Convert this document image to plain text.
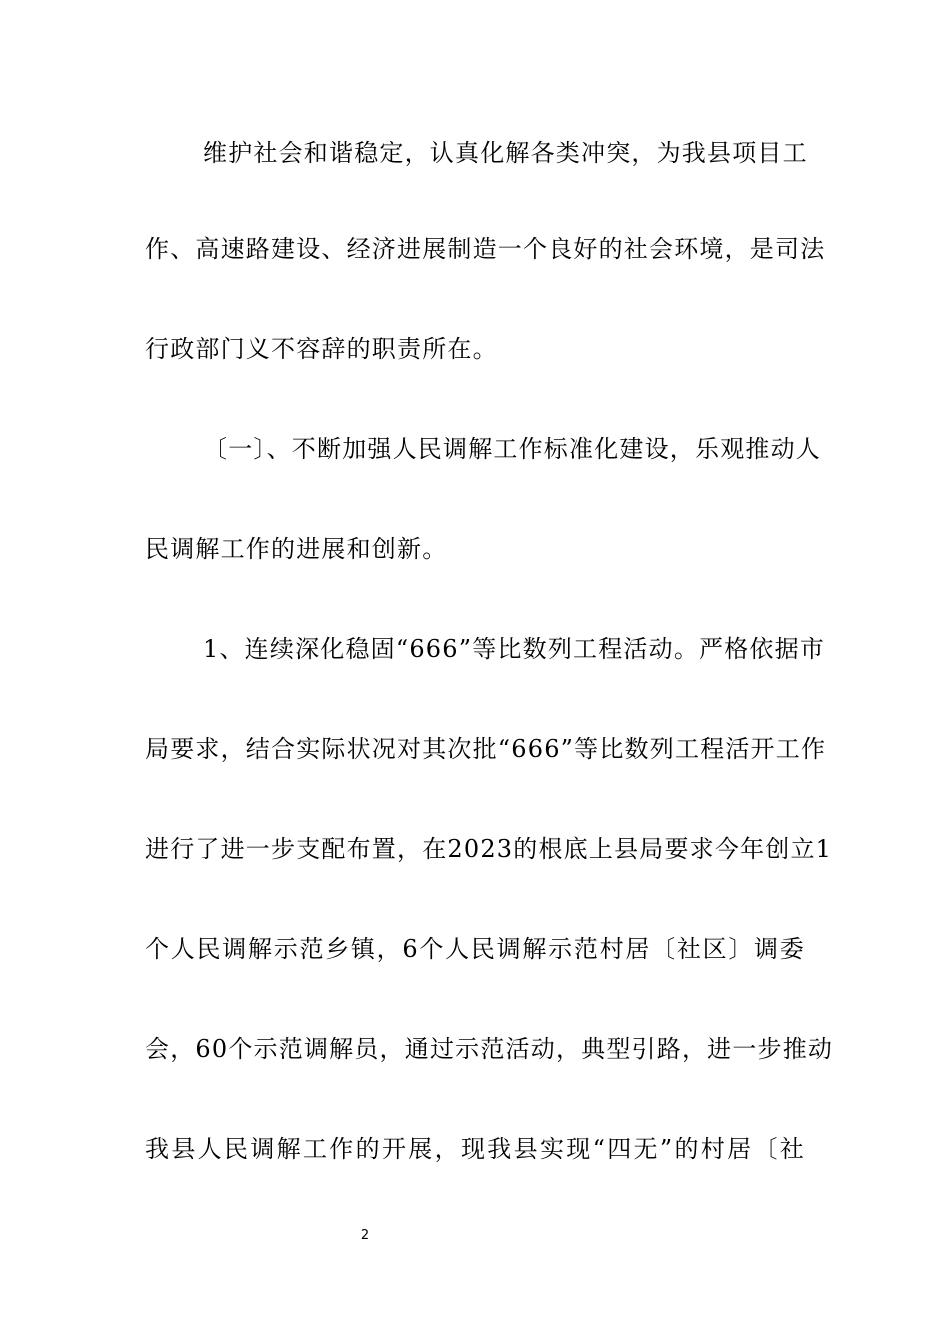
维护社会和谐稳定，认真化解各类冲突，为我县项目工
作、高速路建设、经济进展制造一个良好的社会环境，是司法
行政部门义不容辞的职责所在。
〔一〕、不断加强人民调解工作标准化建设，乐观推动人
民调解工作的进展和创新。
1、连续深化稳固“666”等比数列工程活动。严格依据市
局要求，结合实际状况对其次批“666”等比数列工程活开工作
进行了进一步支配布置，在2023的根底上县局要求今年创立1
个人民调解示范乡镇，6个人民调解示范村居〔社区〕调委
会，60个示范调解员，通过示范活动，典型引路，进一步推动
我县人民调解工作的开展，现我县实现“四无”的村居〔社
2
